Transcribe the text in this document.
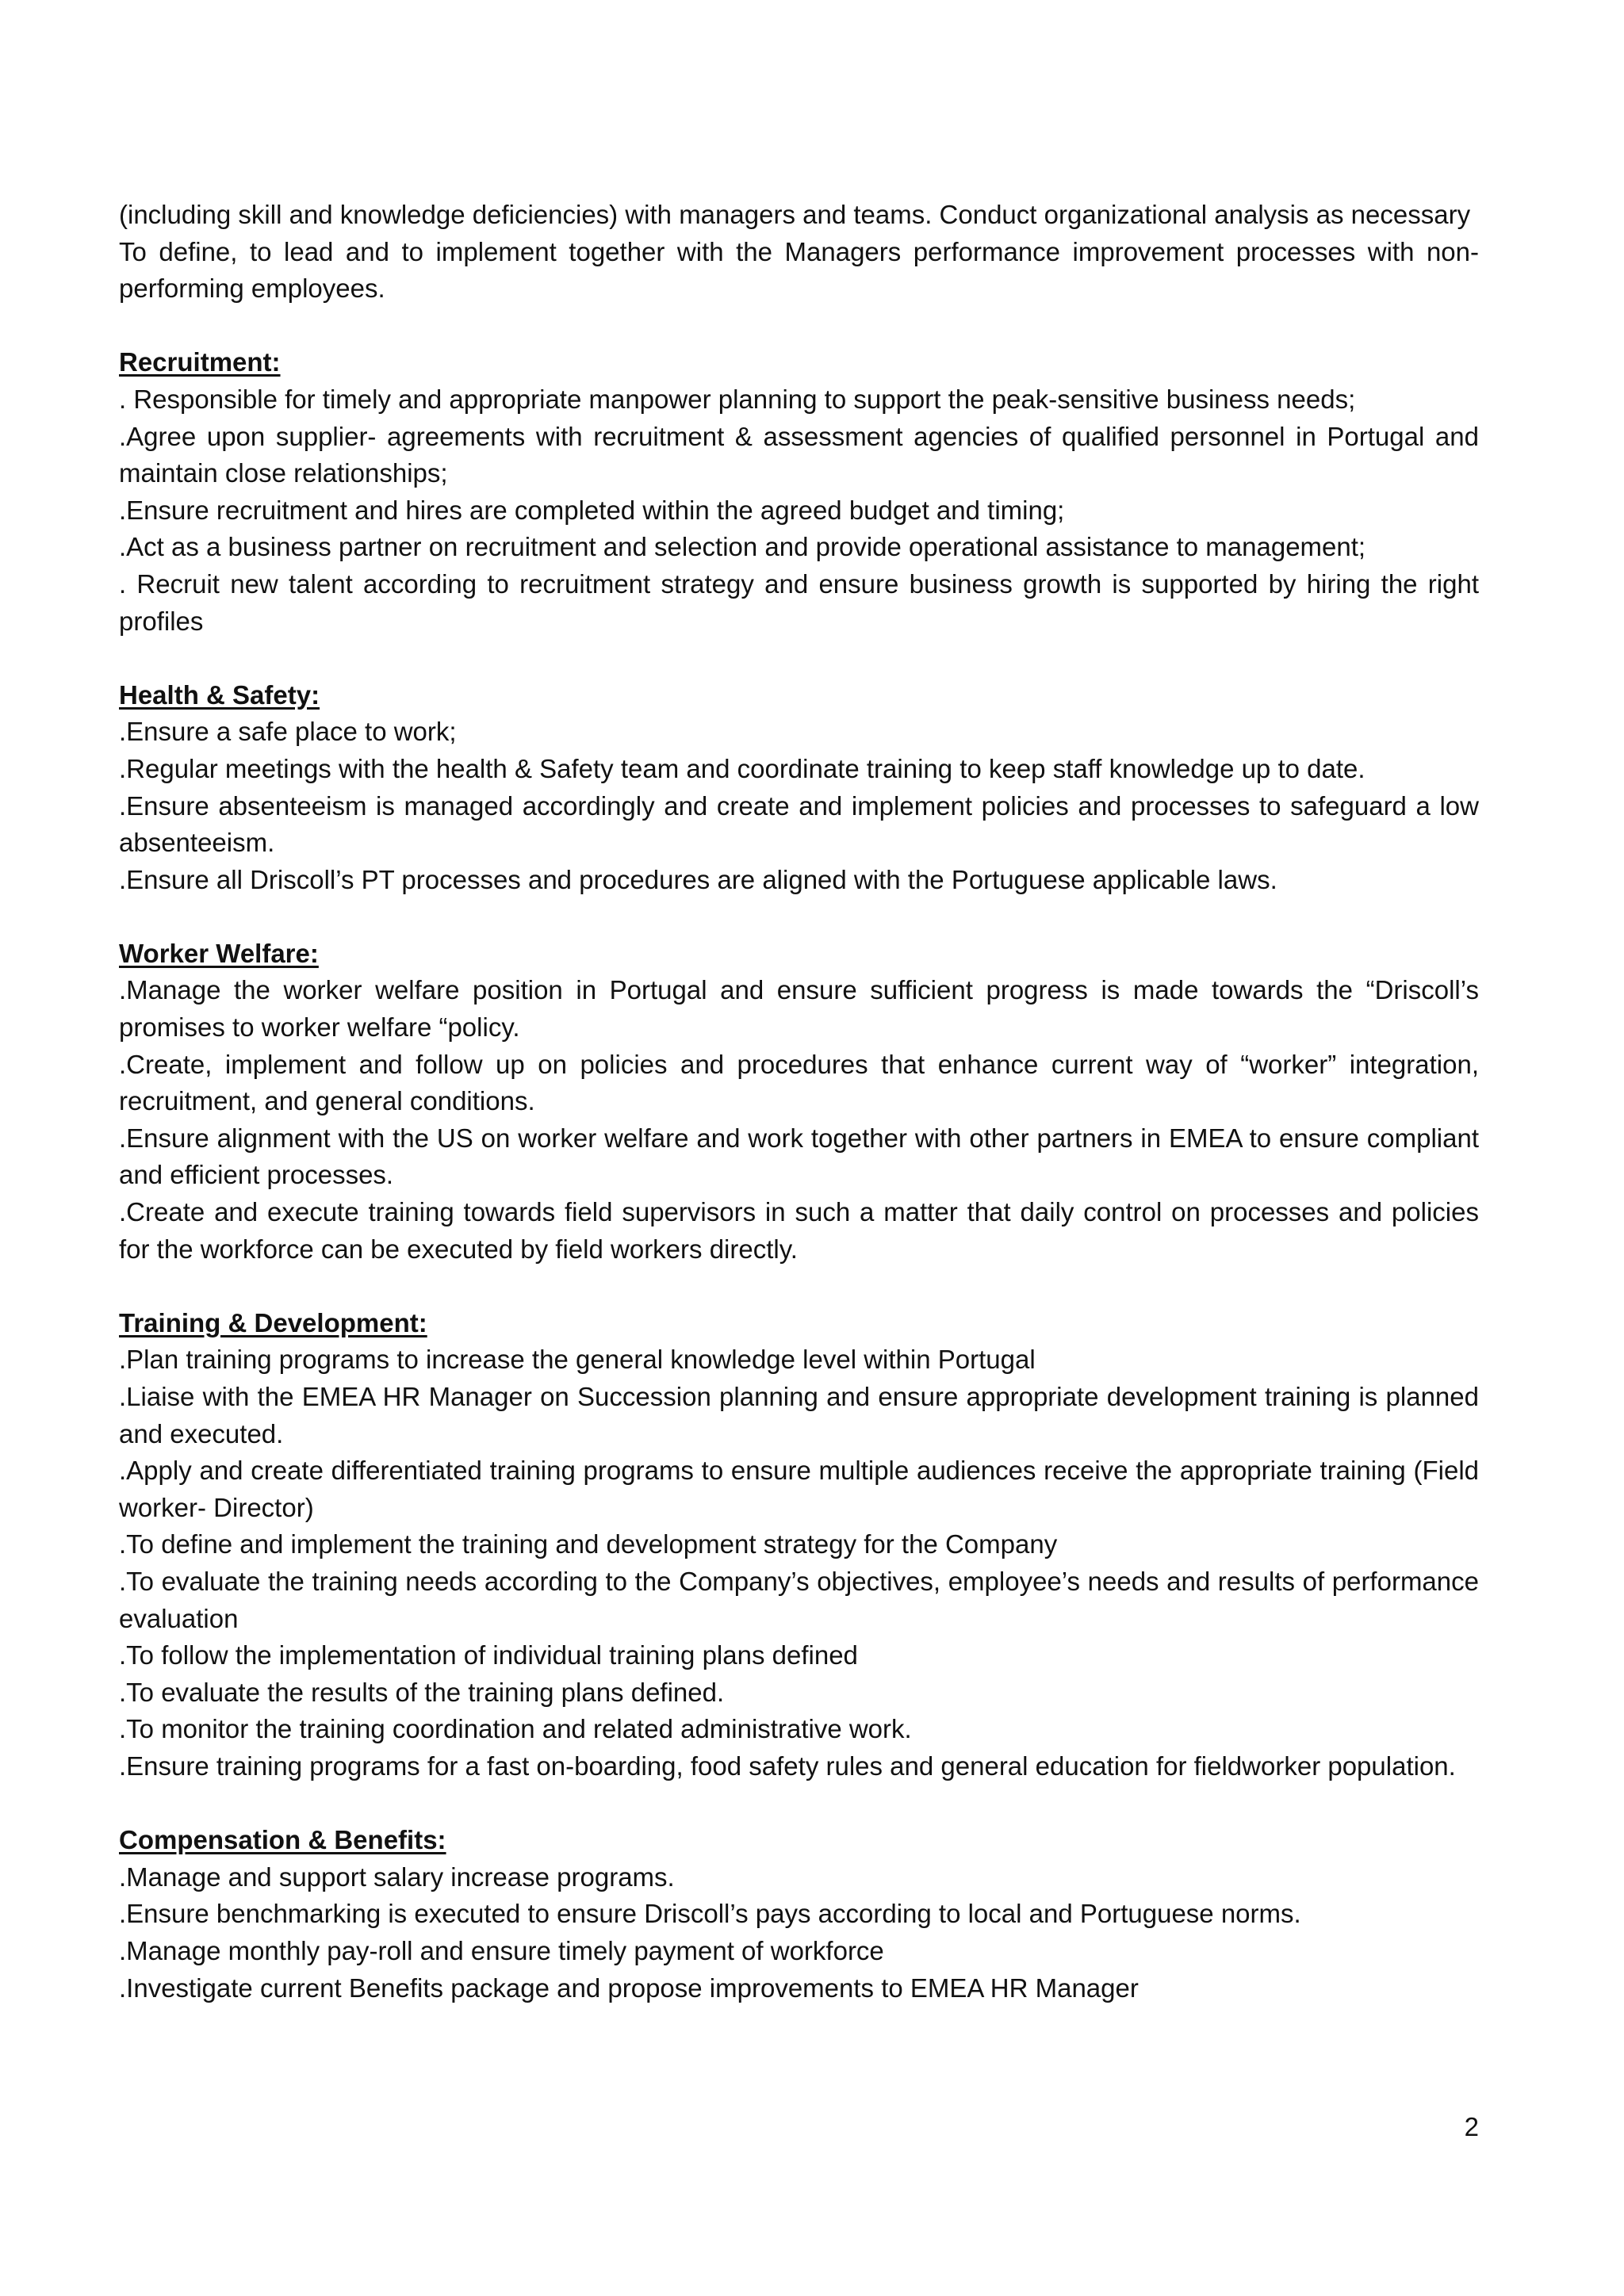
(including skill and knowledge deficiencies) with managers and teams. Conduct organizational analysis as necessary

To define, to lead and to implement together with the Managers performance improvement processes with non-performing employees.

Recruitment:

. Responsible for timely and appropriate manpower planning to support the peak-sensitive business needs;

.Agree upon supplier- agreements with recruitment & assessment agencies of qualified personnel in Portugal and maintain close relationships;

.Ensure recruitment and hires are completed within the agreed budget and timing;

.Act as a business partner on recruitment and selection and provide operational assistance to management;

. Recruit new talent according to recruitment strategy and ensure business growth is supported by hiring the right profiles

Health & Safety:

.Ensure a safe place to work;

.Regular meetings with the health & Safety team and coordinate training to keep staff knowledge up to date.

.Ensure absenteeism is managed accordingly and create and implement policies and processes to safeguard a low absenteeism.

.Ensure all Driscoll’s PT processes and procedures are aligned with the Portuguese applicable laws.

Worker Welfare:

.Manage the worker welfare position in Portugal and ensure sufficient progress is made towards the “Driscoll’s promises to worker welfare “policy.

.Create, implement and follow up on policies and procedures that enhance current way of “worker” integration, recruitment, and general conditions.

.Ensure alignment with the US on worker welfare and work together with other partners in EMEA to ensure compliant and efficient processes.

.Create and execute training towards field supervisors in such a matter that daily control on processes and policies for the workforce can be executed by field workers directly.

Training & Development:

.Plan training programs to increase the general knowledge level within Portugal

.Liaise with the EMEA HR Manager on Succession planning and ensure appropriate development training is planned and executed.

.Apply and create differentiated training programs to ensure multiple audiences receive the appropriate training (Field worker- Director)

.To define and implement the training and development strategy for the Company

.To evaluate the training needs according to the Company’s objectives, employee’s needs and results of performance evaluation

.To follow the implementation of individual training plans defined

.To evaluate the results of the training plans defined.

.To monitor the training coordination and related administrative work.

.Ensure training programs for a fast on-boarding, food safety rules and general education for fieldworker population.

Compensation & Benefits:

.Manage and support salary increase programs.

.Ensure benchmarking is executed to ensure Driscoll’s pays according to local and Portuguese norms.

.Manage monthly pay-roll and ensure timely payment of workforce

.Investigate current Benefits package and propose improvements to EMEA HR Manager

2
